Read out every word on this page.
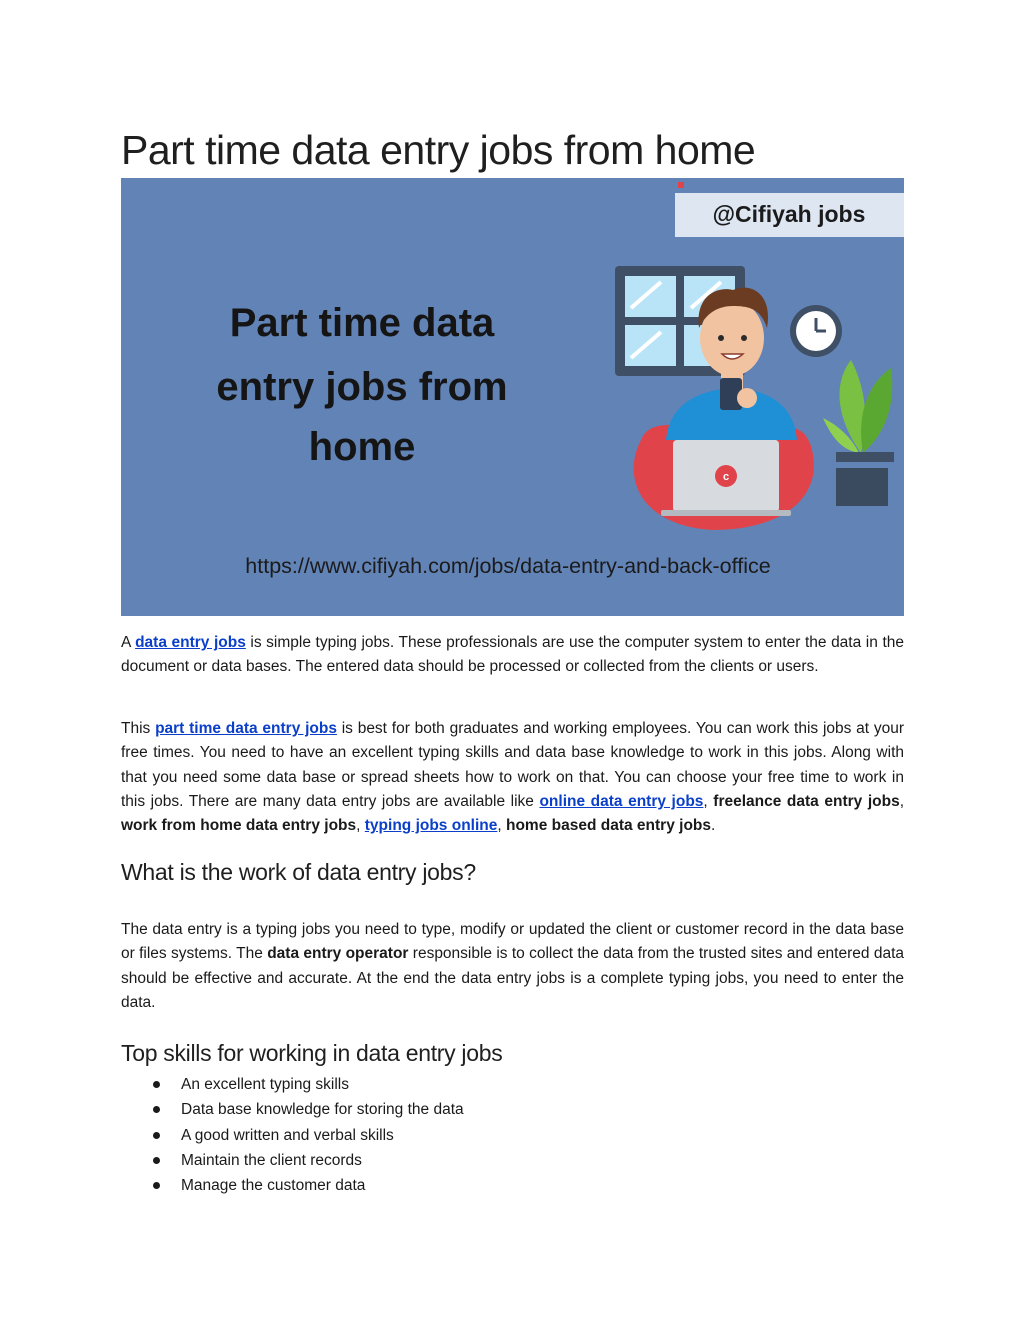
Part time data entry jobs from home
@Cifiyah jobs
Part time data
entry jobs from
home
c
https://www.cifiyah.com/jobs/data-entry-and-back-office

A data entry jobs is simple typing jobs. These professionals are use the computer system to enter the data in the document or data bases. The entered data should be processed or collected from the clients or users.

This part time data entry jobs is best for both graduates and working employees. You can work this jobs at your free times. You need to have an excellent typing skills and data base knowledge to work in this jobs. Along with that you need some data base or spread sheets how to work on that. You can choose your free time to work in this jobs. There are many data entry jobs are available like online data entry jobs, freelance data entry jobs, work from home data entry jobs, typing jobs online, home based data entry jobs.

What is the work of data entry jobs?

The data entry is a typing jobs you need to type, modify or updated the client or customer record in the data base or files systems. The data entry operator responsible is to collect the data from the trusted sites and entered data should be effective and accurate. At the end the data entry jobs is a complete typing jobs, you need to enter the data.

Top skills for working in data entry jobs
An excellent typing skills
Data base knowledge for storing the data
A good written and verbal skills
Maintain the client records
Manage the customer data
